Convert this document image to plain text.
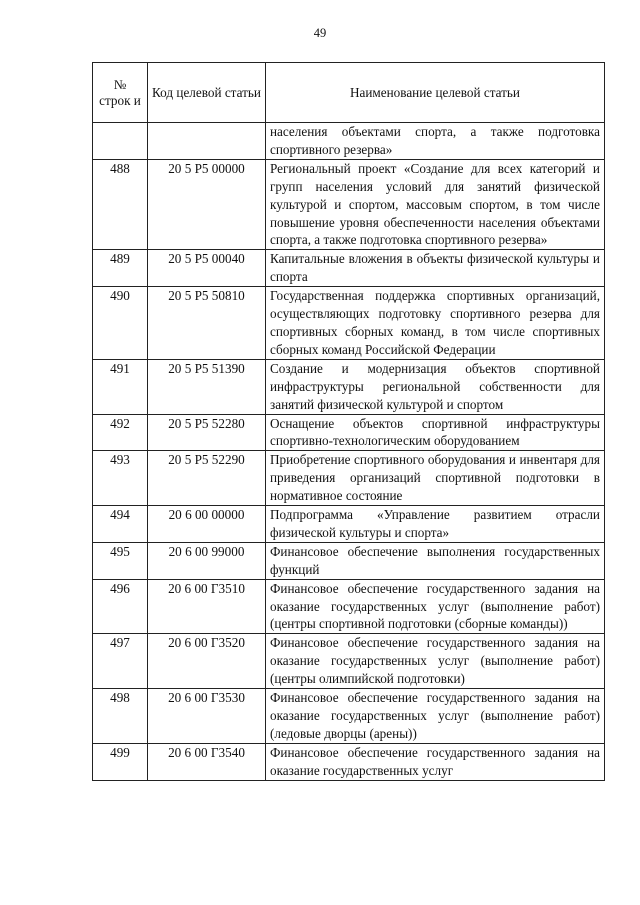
49
№ строк и	Код целевой статьи	Наименование целевой статьи
		населения объектами спорта, а также подготовка спортивного резерва»
488	20 5 Р5 00000	Региональный проект «Создание для всех категорий и групп населения условий для занятий физической культурой и спортом, массовым спортом, в том числе повышение уровня обеспеченности населения объектами спорта, а также подготовка спортивного резерва»
489	20 5 Р5 00040	Капитальные вложения в объекты физической культуры и спорта
490	20 5 Р5 50810	Государственная поддержка спортивных организаций, осуществляющих подготовку спортивного резерва для спортивных сборных команд, в том числе спортивных сборных команд Российской Федерации
491	20 5 Р5 51390	Создание и модернизация объектов спортивной инфраструктуры региональной собственности для занятий физической культурой и спортом
492	20 5 Р5 52280	Оснащение объектов спортивной инфраструктуры спортивно-технологическим оборудованием
493	20 5 Р5 52290	Приобретение спортивного оборудования и инвентаря для приведения организаций спортивной подготовки в нормативное состояние
494	20 6 00 00000	Подпрограмма «Управление развитием отрасли физической культуры и спорта»
495	20 6 00 99000	Финансовое обеспечение выполнения государственных функций
496	20 6 00 Г3510	Финансовое обеспечение государственного задания на оказание государственных услуг (выполнение работ) (центры спортивной подготовки (сборные команды))
497	20 6 00 Г3520	Финансовое обеспечение государственного задания на оказание государственных услуг (выполнение работ) (центры олимпийской подготовки)
498	20 6 00 Г3530	Финансовое обеспечение государственного задания на оказание государственных услуг (выполнение работ) (ледовые дворцы (арены))
499	20 6 00 Г3540	Финансовое обеспечение государственного задания на оказание государственных услуг
